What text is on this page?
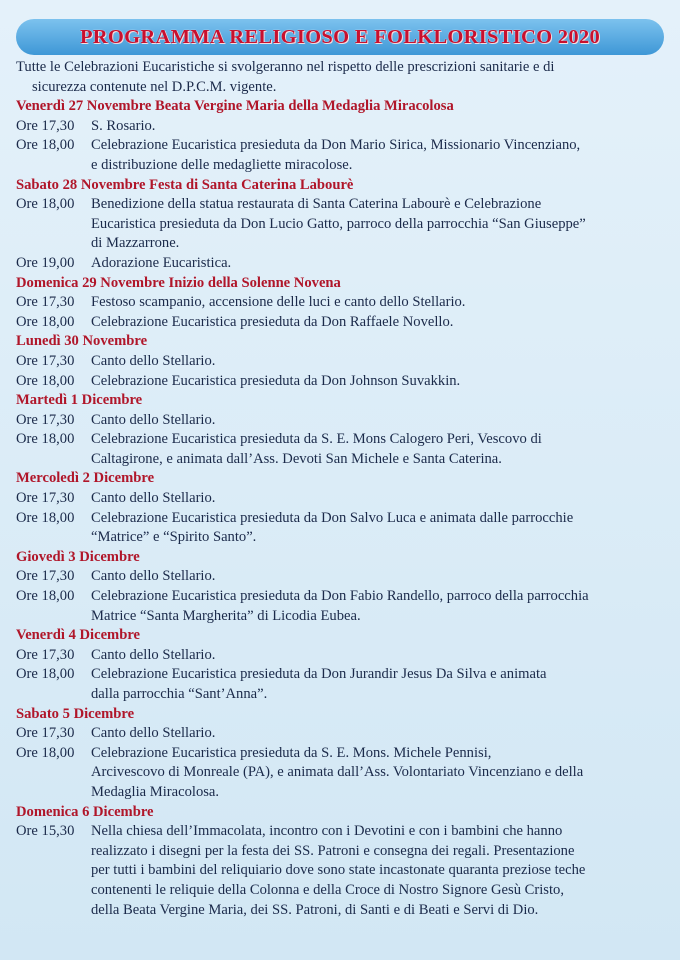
PROGRAMMA RELIGIOSO E FOLKLORISTICO 2020
Tutte le Celebrazioni Eucaristiche si svolgeranno nel rispetto delle prescrizioni sanitarie e di
sicurezza contenute nel D.P.C.M. vigente.
Venerdì 27 Novembre Beata Vergine Maria della Medaglia Miracolosa
Ore 17,30	S. Rosario.
Ore 18,00	Celebrazione Eucaristica presieduta da Don Mario Sirica, Missionario Vincenziano,
e distribuzione delle medagliette miracolose.
Sabato 28 Novembre Festa di Santa Caterina Labourè
Ore 18,00	Benedizione della statua restaurata di Santa Caterina Labourè e Celebrazione
Eucaristica presieduta da Don Lucio Gatto, parroco della parrocchia “San Giuseppe”
di Mazzarrone.
Ore 19,00	Adorazione Eucaristica.
Domenica 29 Novembre Inizio della Solenne Novena
Ore 17,30	Festoso scampanio, accensione delle luci e canto dello Stellario.
Ore 18,00	Celebrazione Eucaristica presieduta da Don Raffaele Novello.
Lunedì 30 Novembre
Ore 17,30	Canto dello Stellario.
Ore 18,00	Celebrazione Eucaristica presieduta da Don Johnson Suvakkin.
Martedì 1 Dicembre
Ore 17,30	Canto dello Stellario.
Ore 18,00	Celebrazione Eucaristica presieduta da S. E. Mons Calogero Peri, Vescovo di
Caltagirone, e animata dall’Ass. Devoti San Michele e Santa Caterina.
Mercoledì 2 Dicembre
Ore 17,30	Canto dello Stellario.
Ore 18,00	Celebrazione Eucaristica presieduta da Don Salvo Luca e animata dalle parrocchie
“Matrice” e “Spirito Santo”.
Giovedì 3 Dicembre
Ore 17,30	Canto dello Stellario.
Ore 18,00	Celebrazione Eucaristica presieduta da Don Fabio Randello, parroco della parrocchia
Matrice “Santa Margherita” di Licodia Eubea.
Venerdì 4 Dicembre
Ore 17,30	Canto dello Stellario.
Ore 18,00	Celebrazione Eucaristica presieduta da Don Jurandir Jesus Da Silva e animata
dalla parrocchia “Sant’Anna”.
Sabato 5 Dicembre
Ore 17,30	Canto dello Stellario.
Ore 18,00	Celebrazione Eucaristica presieduta da S. E. Mons. Michele Pennisi,
Arcivescovo di Monreale (PA), e animata dall’Ass. Volontariato Vincenziano e della
Medaglia Miracolosa.
Domenica 6 Dicembre
Ore 15,30	Nella chiesa dell’Immacolata, incontro con i Devotini e con i bambini che hanno
realizzato i disegni per la festa dei SS. Patroni e consegna dei regali. Presentazione
per tutti i bambini del reliquiario dove sono state incastonate quaranta preziose teche
contenenti le reliquie della Colonna e della Croce di Nostro Signore Gesù Cristo,
della Beata Vergine Maria, dei SS. Patroni, di Santi e di Beati e Servi di Dio.
